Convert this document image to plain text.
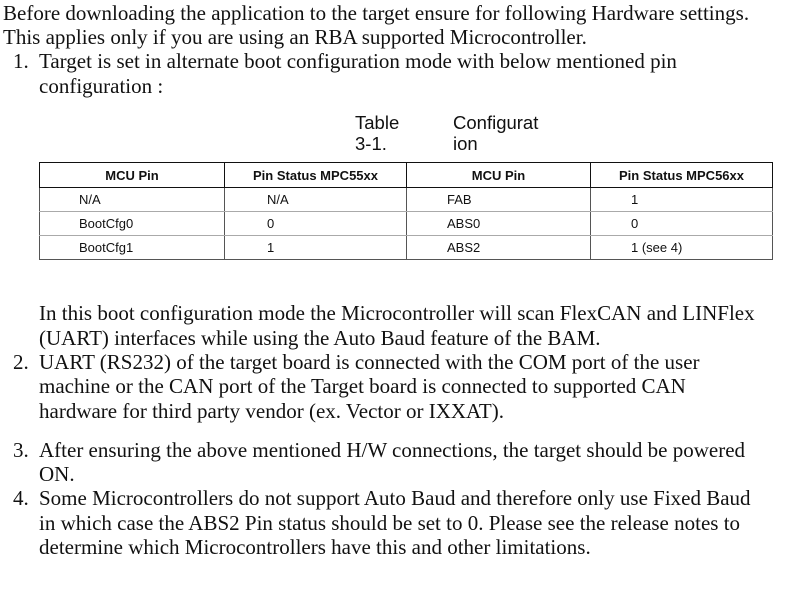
Before downloading the application to the target ensure for following Hardware settings.
This applies only if you are using an RBA supported Microcontroller.
1. Target is set in alternate boot configuration mode with below mentioned pin
configuration :
Table 3-1.
Configurat
ion
MCU Pin	Pin Status MPC55xx	MCU Pin	Pin Status MPC56xx
N/A	N/A	FAB	1
BootCfg0	0	ABS0	0
BootCfg1	1	ABS2	1 (see 4)
In this boot configuration mode the Microcontroller will scan FlexCAN and LINFlex
(UART) interfaces while using the Auto Baud feature of the BAM.
2. UART (RS232) of the target board is connected with the COM port of the user
machine or the CAN port of the Target board is connected to supported CAN
hardware for third party vendor (ex. Vector or IXXAT).
3. After ensuring the above mentioned H/W connections, the target should be powered
ON.
4. Some Microcontrollers do not support Auto Baud and therefore only use Fixed Baud
in which case the ABS2 Pin status should be set to 0. Please see the release notes to
determine which Microcontrollers have this and other limitations.
